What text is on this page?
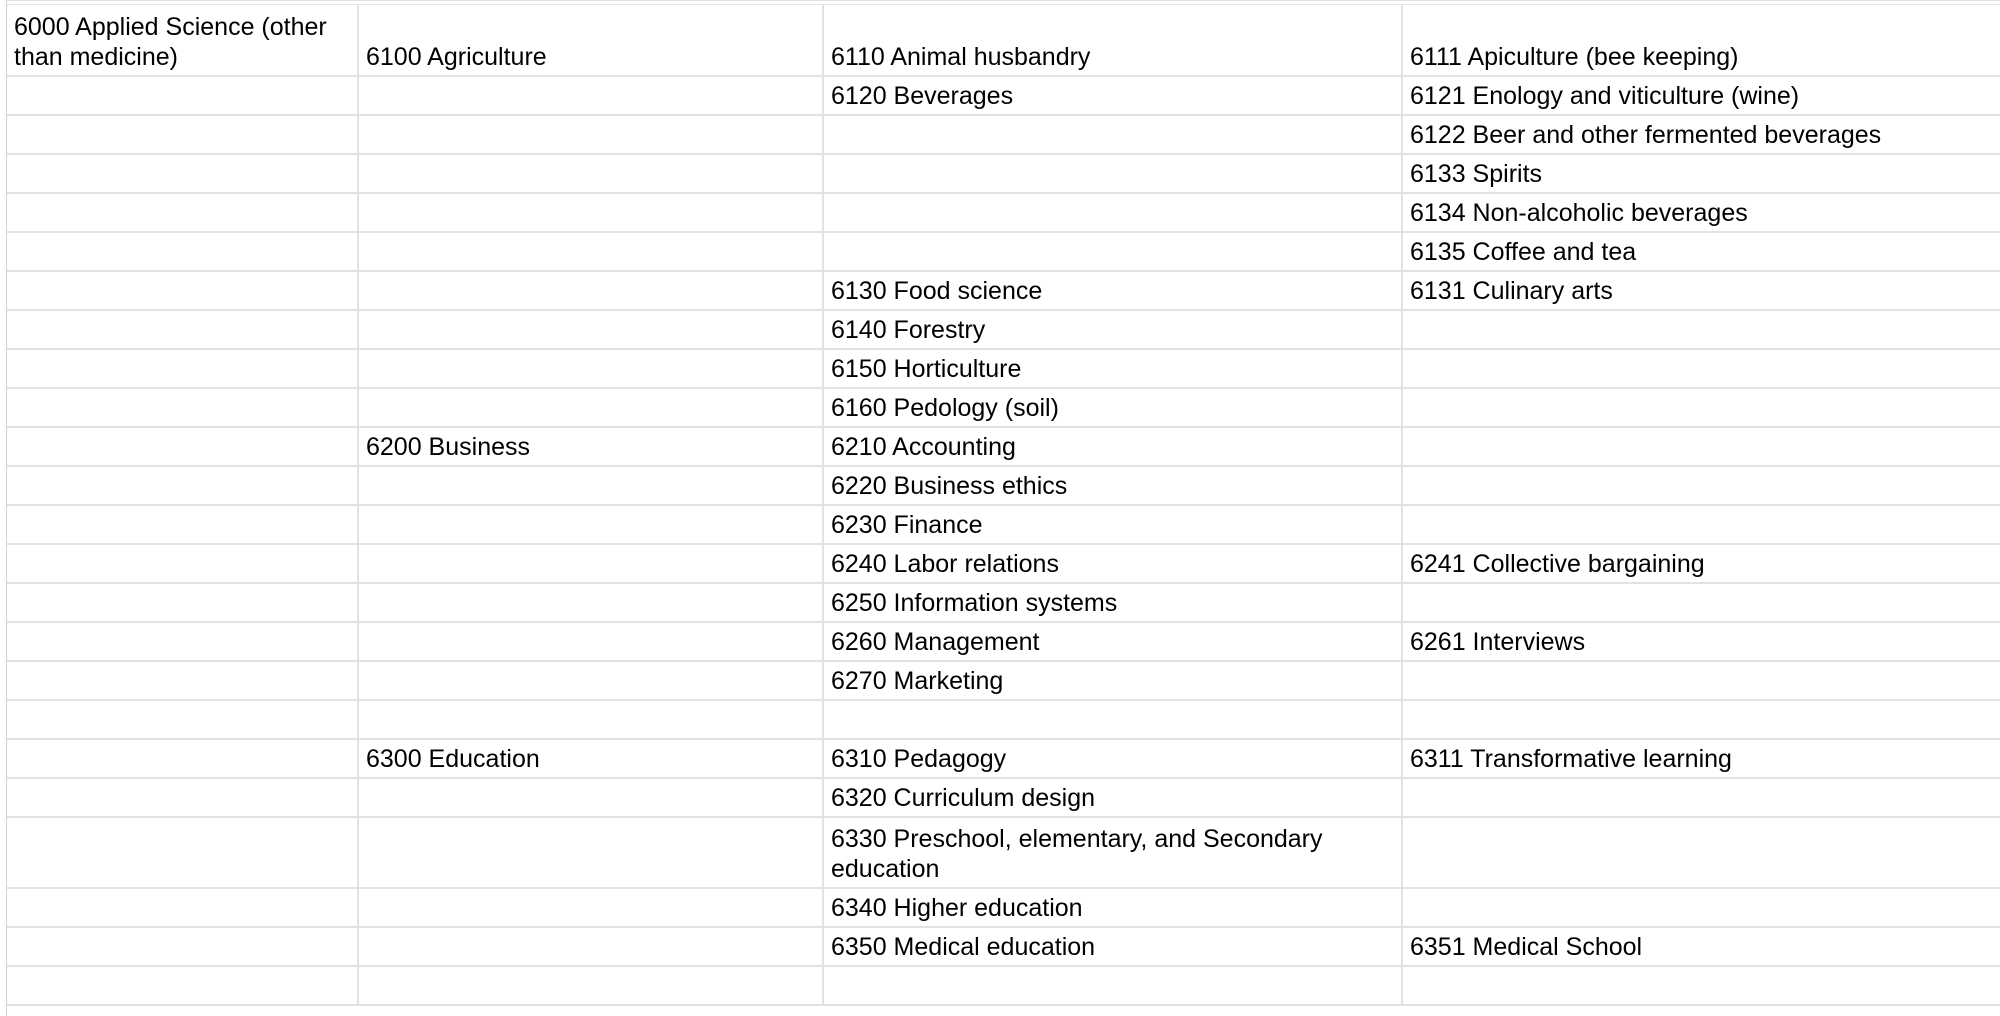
6000 Applied Science (other than medicine)	6100 Agriculture	6110 Animal husbandry	6111 Apiculture (bee keeping)
		6120 Beverages	6121 Enology and viticulture (wine)
			6122 Beer and other fermented beverages
			6133 Spirits
			6134 Non-alcoholic beverages
			6135 Coffee and tea
		6130 Food science	6131 Culinary arts
		6140 Forestry	
		6150 Horticulture	
		6160 Pedology (soil)	
	6200 Business	6210 Accounting	
		6220 Business ethics	
		6230 Finance	
		6240 Labor relations	6241 Collective bargaining
		6250 Information systems	
		6260 Management	6261 Interviews
		6270 Marketing	

	6300 Education	6310 Pedagogy	6311 Transformative learning
		6320 Curriculum design	
		6330 Preschool, elementary, and Secondary education	
		6340 Higher education	
		6350 Medical education	6351 Medical School
